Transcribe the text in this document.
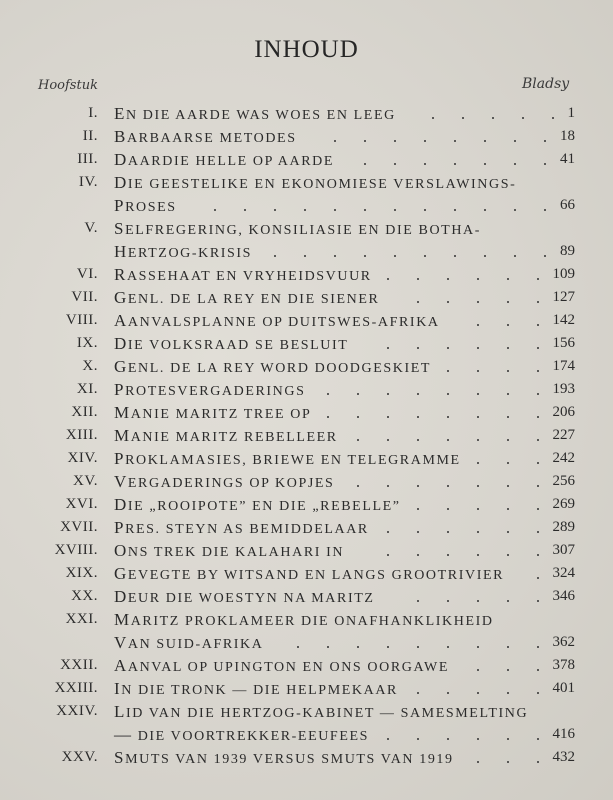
INHOUD
Hoofstuk	Bladsy
I. EN DIE AARDE WAS WOES EN LEEG	1
II. BARBAARSE METODES	18
III. DAARDIE HELLE OP AARDE	41
IV. DIE GEESTELIKE EN EKONOMIESE VERSLAWINGS-
PROSES	66
V. SELFREGERING, KONSILIASIE EN DIE BOTHA-
HERTZOG-KRISIS	89
VI. RASSEHAAT EN VRYHEIDSVUUR	109
VII. GENL. DE LA REY EN DIE SIENER	127
VIII. AANVALSPLANNE OP DUITSWES-AFRIKA	142
IX. DIE VOLKSRAAD SE BESLUIT	156
X. GENL. DE LA REY WORD DOODGESKIET	174
XI. PROTESVERGADERINGS	193
XII. MANIE MARITZ TREE OP	206
XIII. MANIE MARITZ REBELLEER	227
XIV. PROKLAMASIES, BRIEWE EN TELEGRAMME	242
XV. VERGADERINGS OP KOPJES	256
XVI. DIE „ROOIPOTE” EN DIE „REBELLE”	269
XVII. PRES. STEYN AS BEMIDDELAAR	289
XVIII. ONS TREK DIE KALAHARI IN	307
XIX. GEVEGTE BY WITSAND EN LANGS GROOTRIVIER	324
XX. DEUR DIE WOESTYN NA MARITZ	346
XXI. MARITZ PROKLAMEER DIE ONAFHANKLIKHEID
VAN SUID-AFRIKA	362
XXII. AANVAL OP UPINGTON EN ONS OORGAWE	378
XXIII. IN DIE TRONK — DIE HELPMEKAAR	401
XXIV. LID VAN DIE HERTZOG-KABINET — SAMESMELTING
— DIE VOORTREKKER-EEUFEES	416
XXV. SMUTS VAN 1939 VERSUS SMUTS VAN 1919	432
